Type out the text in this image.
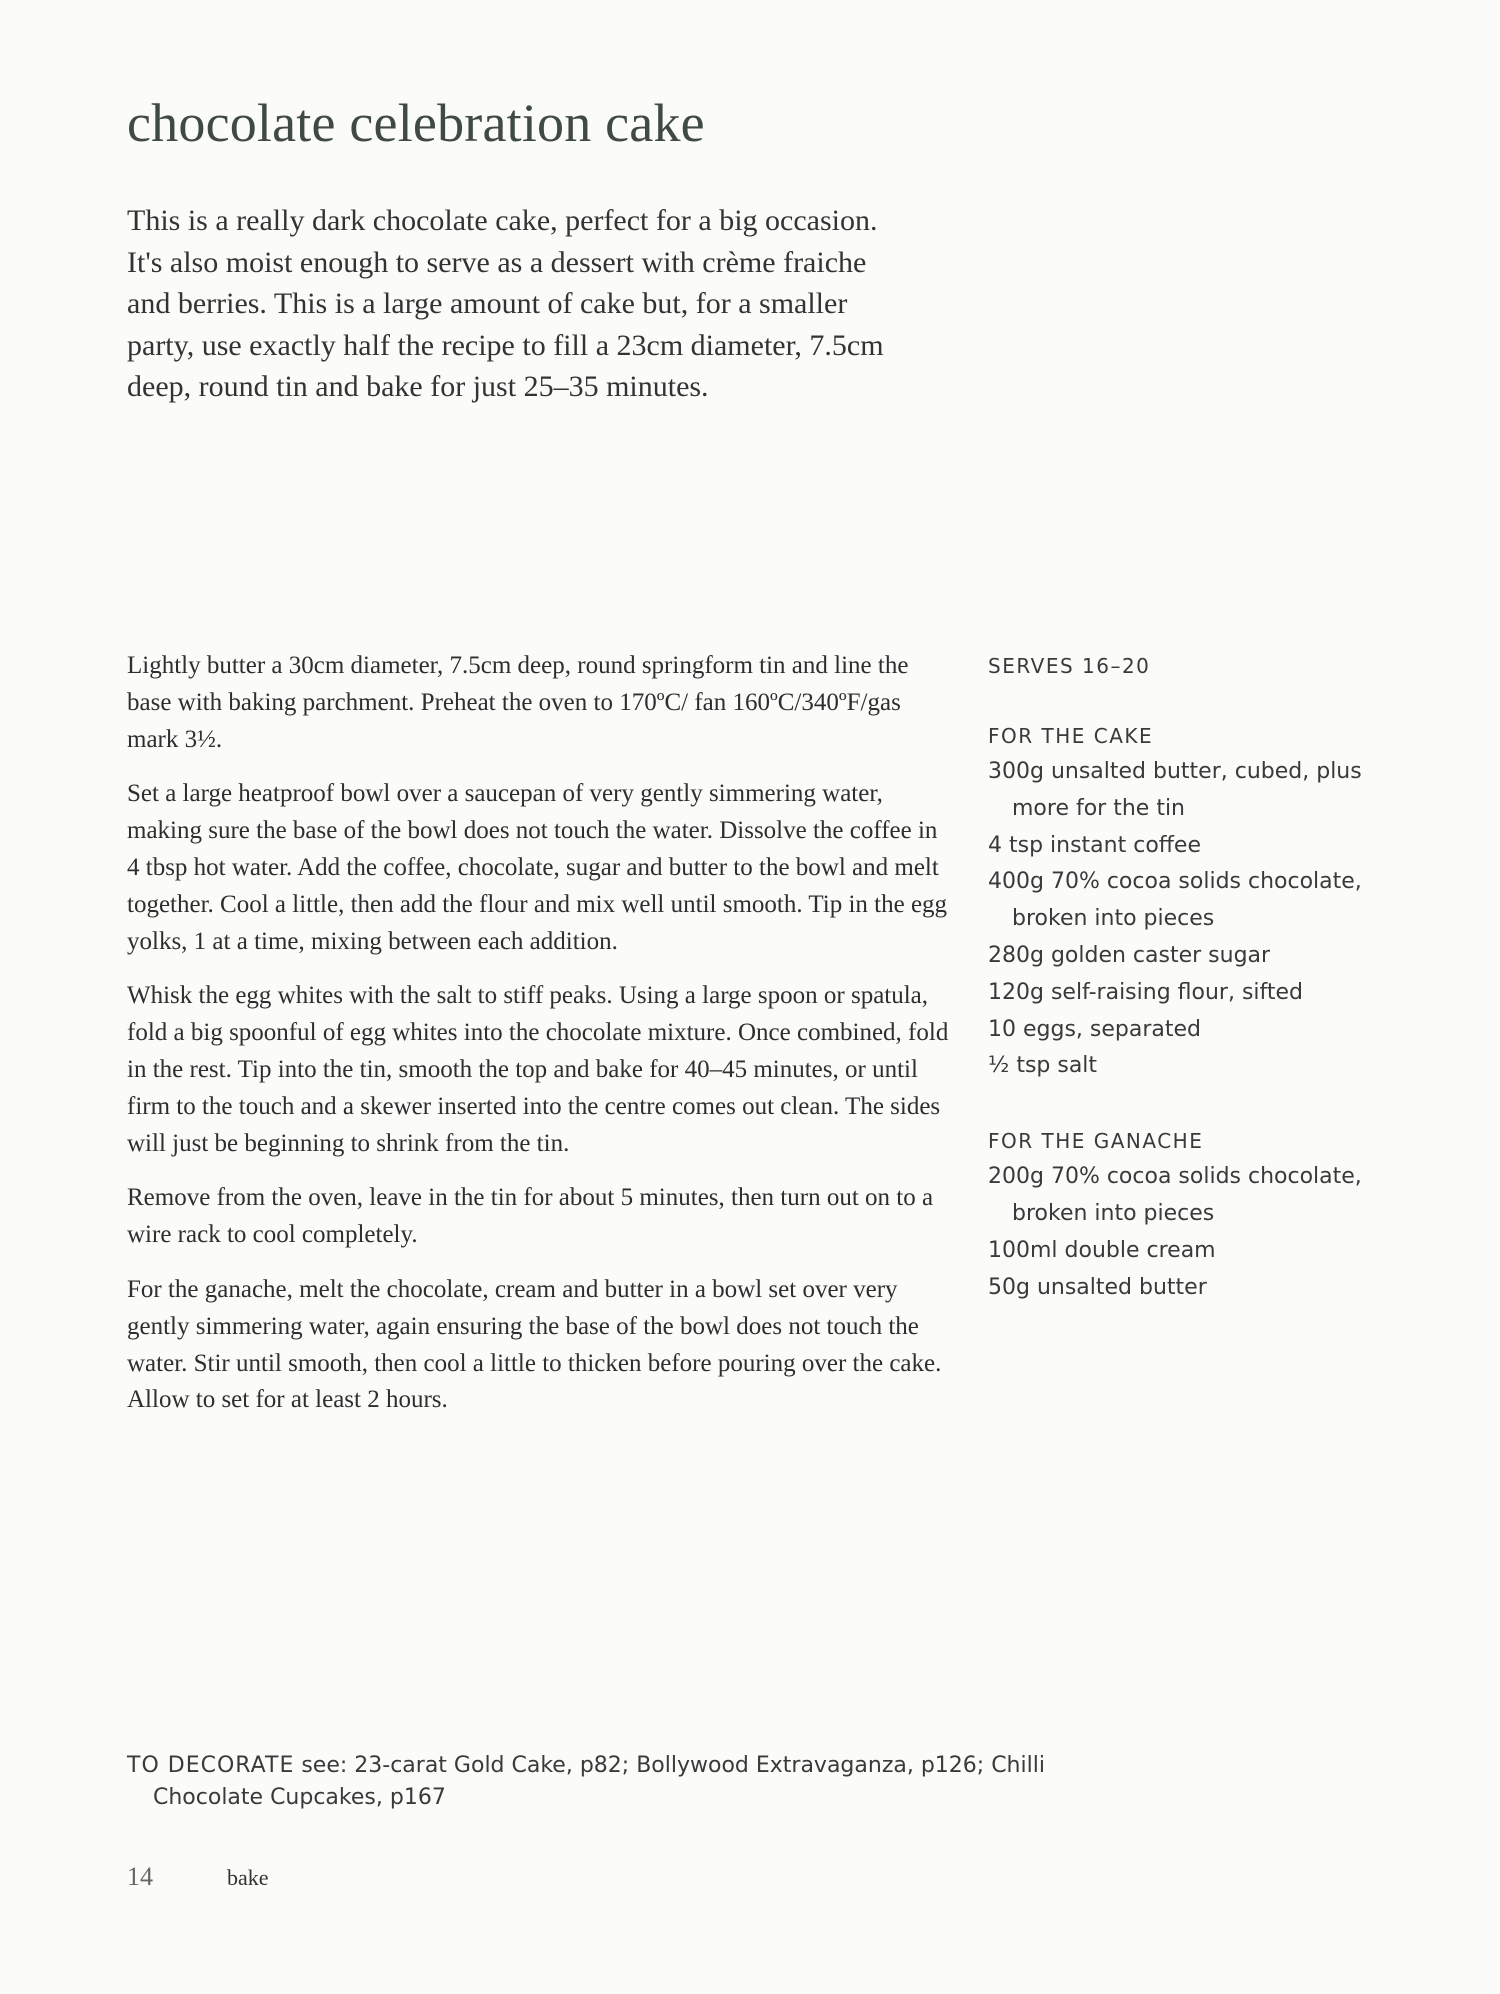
chocolate celebration cake

This is a really dark chocolate cake, perfect for a big occasion. It's also moist enough to serve as a dessert with crème fraiche and berries. This is a large amount of cake but, for a smaller party, use exactly half the recipe to fill a 23cm diameter, 7.5cm deep, round tin and bake for just 25–35 minutes.

Lightly butter a 30cm diameter, 7.5cm deep, round springform tin and line the base with baking parchment. Preheat the oven to 170ºC/ fan 160ºC/340ºF/gas mark 3½.

Set a large heatproof bowl over a saucepan of very gently simmering water, making sure the base of the bowl does not touch the water. Dissolve the coffee in 4 tbsp hot water. Add the coffee, chocolate, sugar and butter to the bowl and melt together. Cool a little, then add the flour and mix well until smooth. Tip in the egg yolks, 1 at a time, mixing between each addition.

Whisk the egg whites with the salt to stiff peaks. Using a large spoon or spatula, fold a big spoonful of egg whites into the chocolate mixture. Once combined, fold in the rest. Tip into the tin, smooth the top and bake for 40–45 minutes, or until firm to the touch and a skewer inserted into the centre comes out clean. The sides will just be beginning to shrink from the tin.

Remove from the oven, leave in the tin for about 5 minutes, then turn out on to a wire rack to cool completely.

For the ganache, melt the chocolate, cream and butter in a bowl set over very gently simmering water, again ensuring the base of the bowl does not touch the water. Stir until smooth, then cool a little to thicken before pouring over the cake. Allow to set for at least 2 hours.

SERVES 16–20

FOR THE CAKE

300g unsalted butter, cubed, plus more for the tin
4 tsp instant coffee
400g 70% cocoa solids chocolate, broken into pieces
280g golden caster sugar
120g self-raising flour, sifted
10 eggs, separated
½ tsp salt

FOR THE GANACHE

200g 70% cocoa solids chocolate, broken into pieces
100ml double cream
50g unsalted butter
TO DECORATE see: 23-carat Gold Cake, p82; Bollywood Extravaganza, p126; Chilli Chocolate Cupcakes, p167
14	bake
